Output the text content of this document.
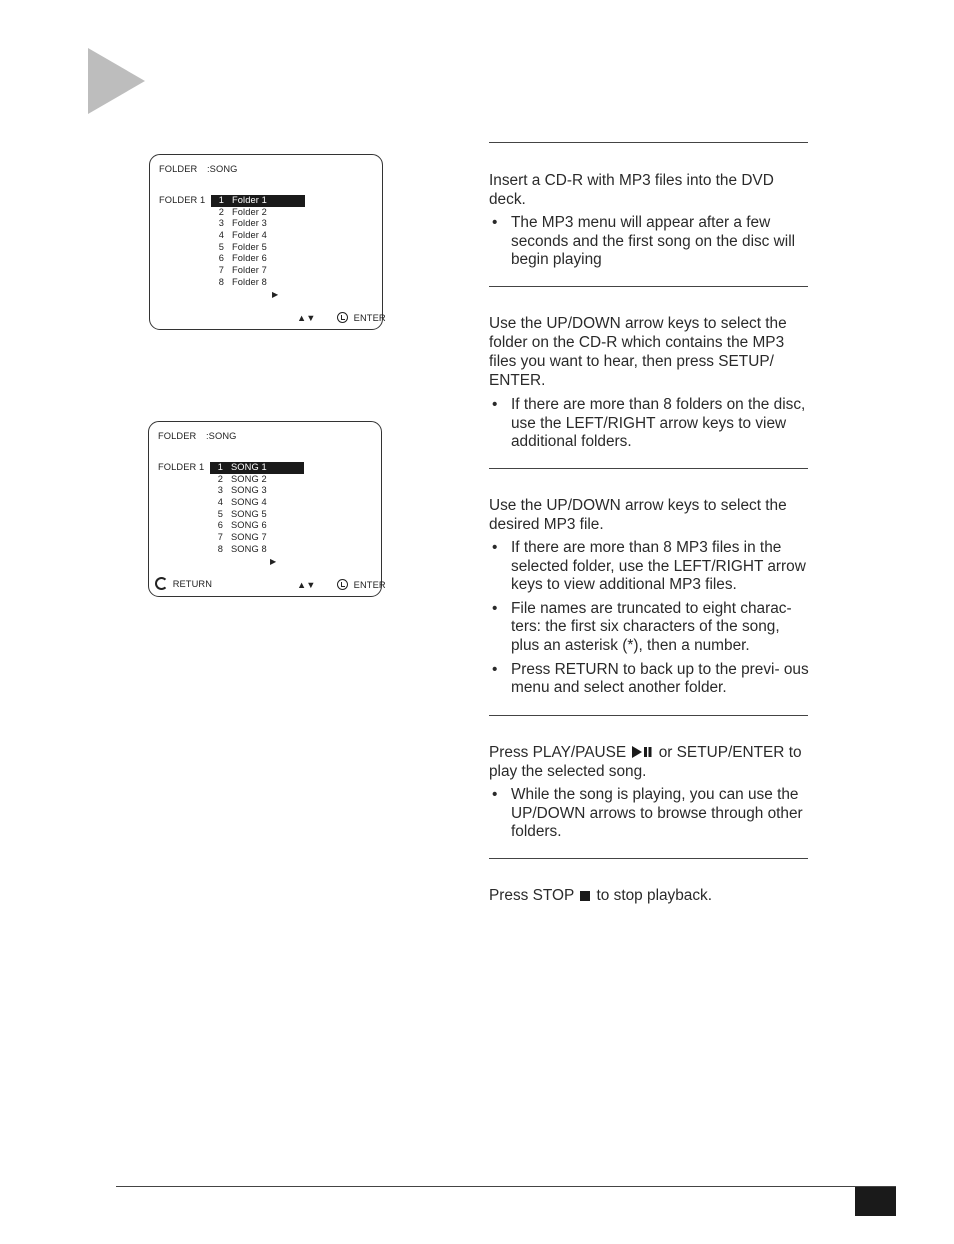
FOLDER :SONG
FOLDER 1	1 Folder 1
2 Folder 2
3 Folder 3
4 Folder 4
5 Folder 5
6 Folder 6
7 Folder 7
8 Folder 8
▶
▲▼	ENTER
FOLDER :SONG
FOLDER 1	1 SONG 1
2 SONG 2
3 SONG 3
4 SONG 4
5 SONG 5
6 SONG 6
7 SONG 7
8 SONG 8
▶
RETURN	▲▼	ENTER

Insert a CD-R with MP3 files into the DVD deck.

• The MP3 menu will appear after a few seconds and the first song on the disc will begin playing

Use the UP/DOWN arrow keys to select the folder on the CD-R which contains the MP3 files you want to hear, then press SETUP/ ENTER.

• If there are more than 8 folders on the disc, use the LEFT/RIGHT arrow keys to view additional folders.

Use the UP/DOWN arrow keys to select the desired MP3 file.

• If there are more than 8 MP3 files in the selected folder, use the LEFT/RIGHT arrow keys to view additional MP3 files.
• File names are truncated to eight charac- ters: the first six characters of the song, plus an asterisk (*), then a number.
• Press RETURN to back up to the previ- ous menu and select another folder.

Press PLAY/PAUSE or SETUP/ENTER to play the selected song.

• While the song is playing, you can use the UP/DOWN arrows to browse through other folders.

Press STOP to stop playback.
